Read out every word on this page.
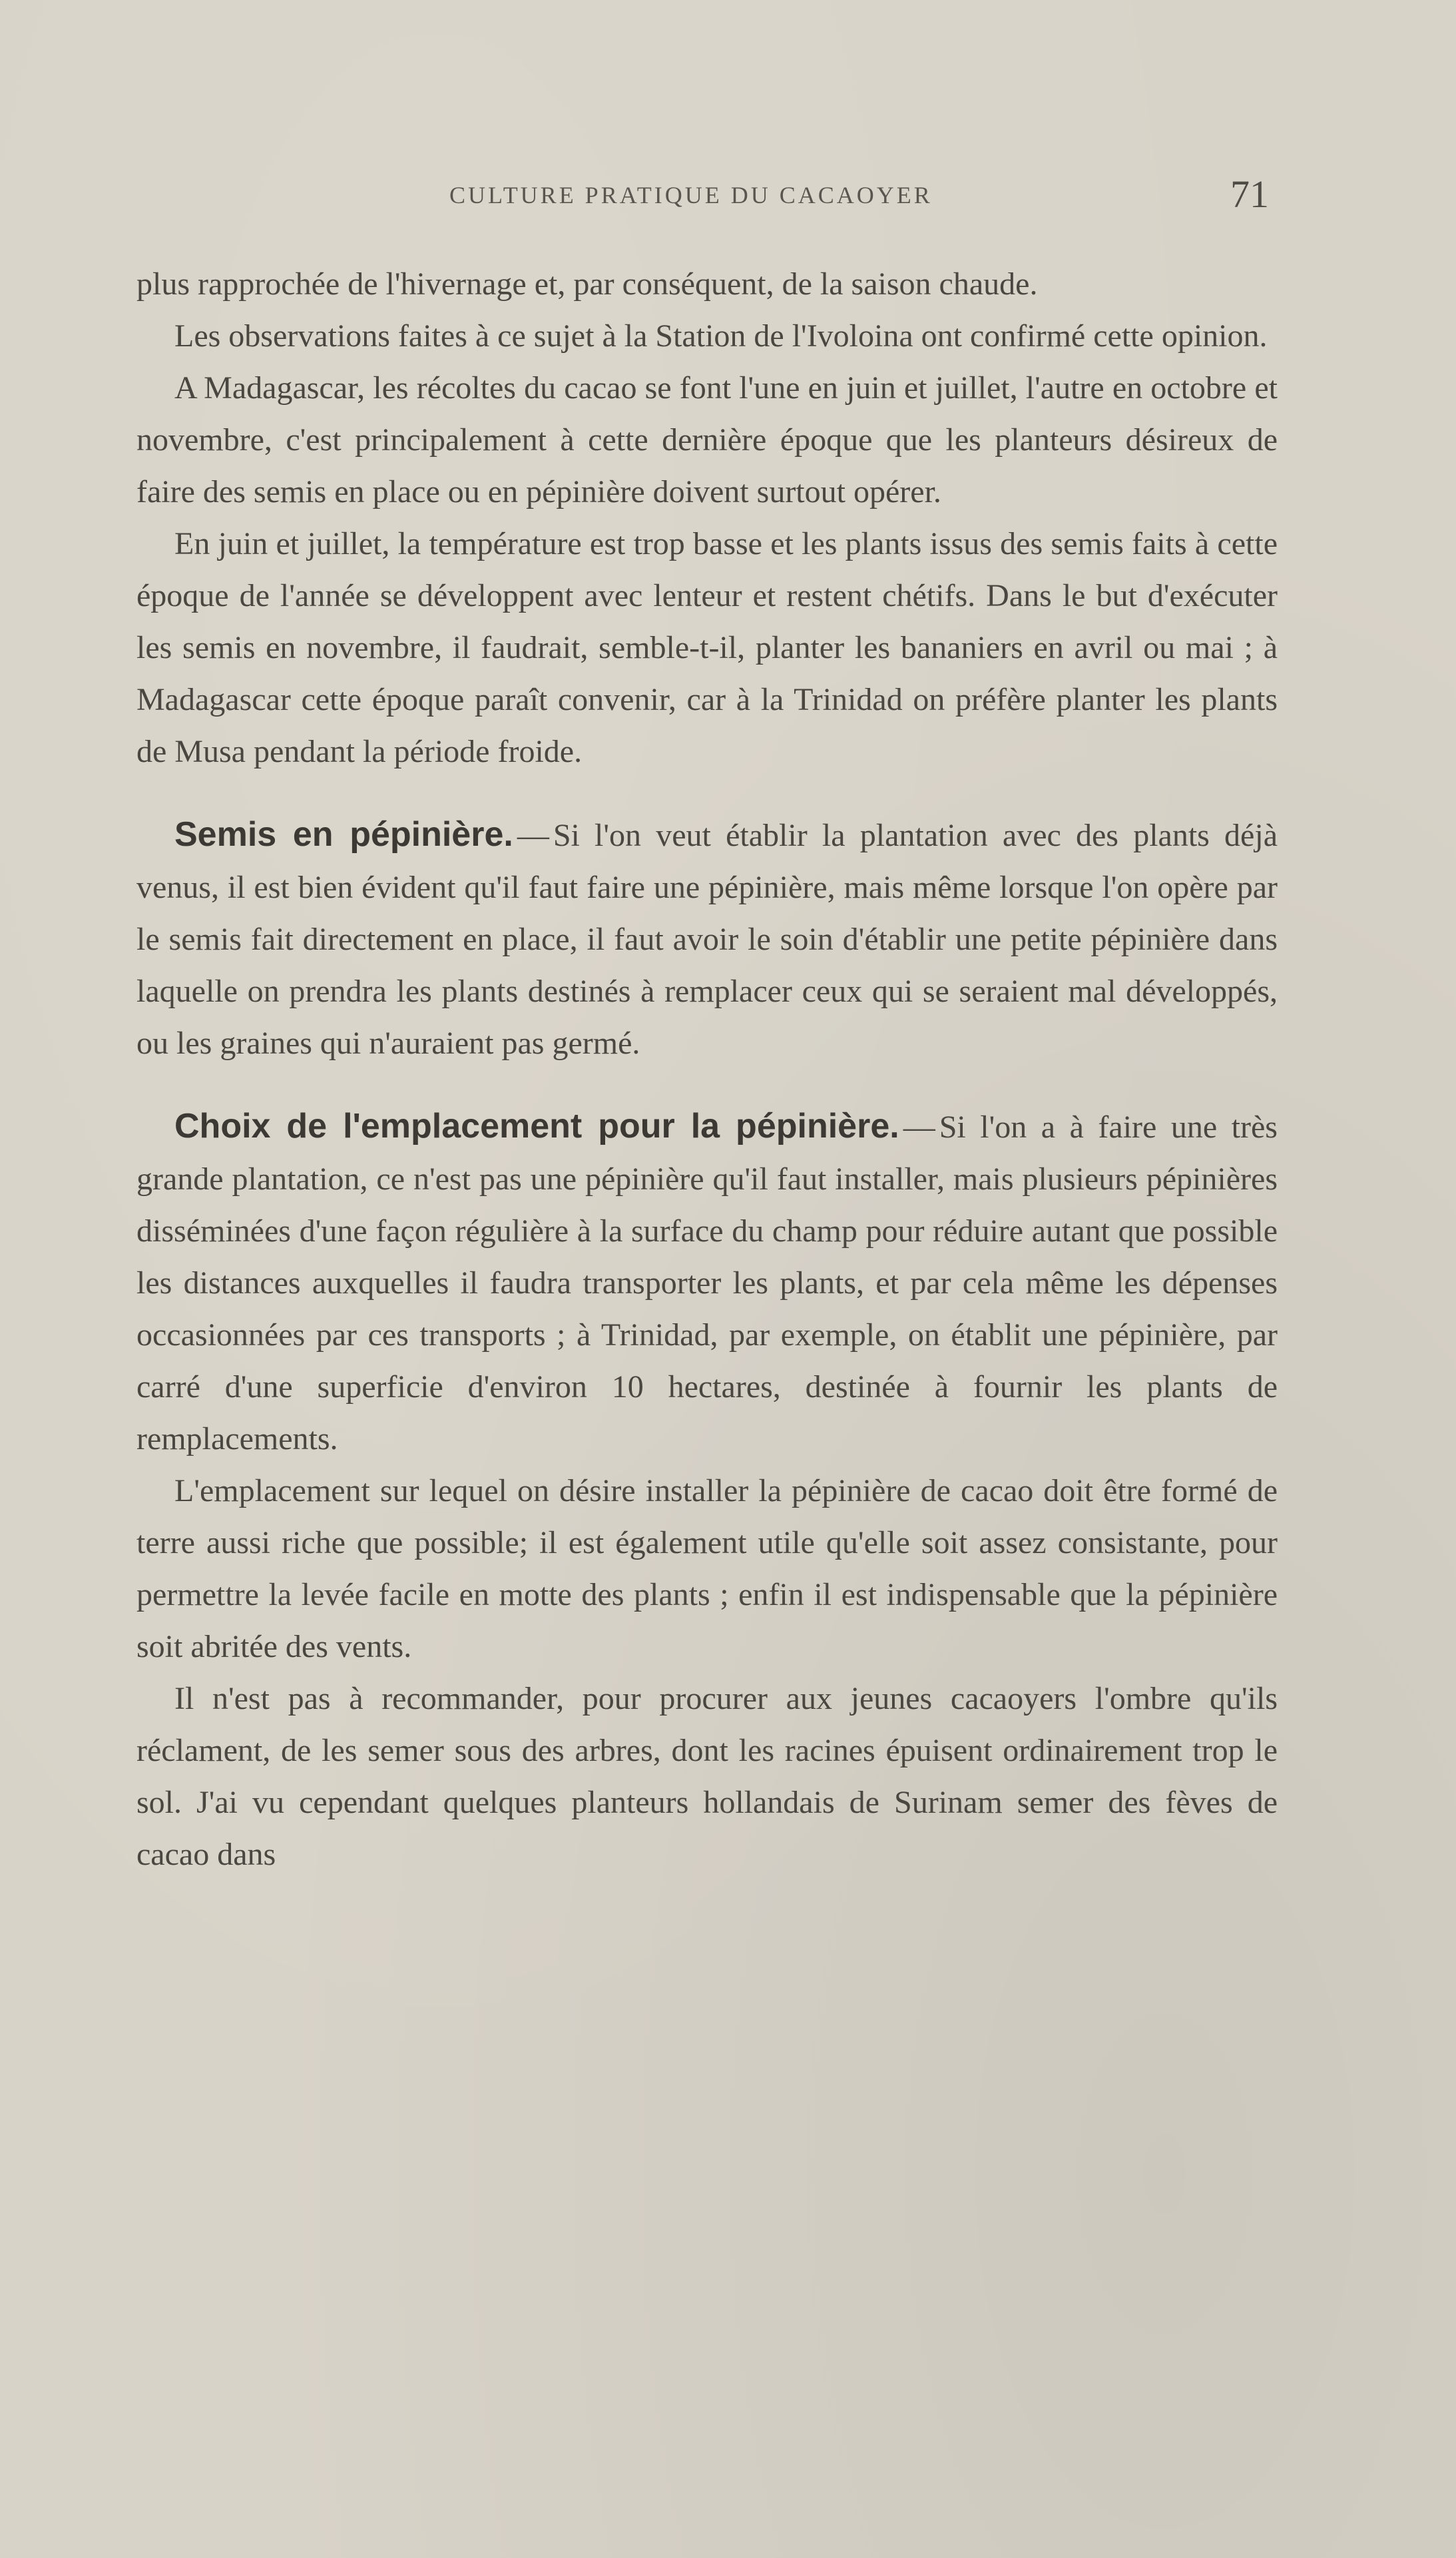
CULTURE PRATIQUE DU CACAOYER	71

plus rapprochée de l'hivernage et, par conséquent, de la saison chaude.

Les observations faites à ce sujet à la Station de l'Ivoloina ont confirmé cette opinion.

A Madagascar, les récoltes du cacao se font l'une en juin et juillet, l'autre en octobre et novembre, c'est principalement à cette dernière époque que les planteurs désireux de faire des semis en place ou en pépinière doivent surtout opérer.

En juin et juillet, la température est trop basse et les plants issus des semis faits à cette époque de l'année se développent avec lenteur et restent chétifs. Dans le but d'exécuter les semis en novembre, il faudrait, semble-t-il, planter les bananiers en avril ou mai ; à Madagascar cette époque paraît convenir, car à la Trinidad on préfère planter les plants de Musa pendant la période froide.

Semis en pépinière. — Si l'on veut établir la plantation avec des plants déjà venus, il est bien évident qu'il faut faire une pépinière, mais même lorsque l'on opère par le semis fait directement en place, il faut avoir le soin d'établir une petite pépinière dans laquelle on prendra les plants destinés à remplacer ceux qui se seraient mal développés, ou les graines qui n'auraient pas germé.

Choix de l'emplacement pour la pépinière. — Si l'on a à faire une très grande plantation, ce n'est pas une pépinière qu'il faut installer, mais plusieurs pépinières disséminées d'une façon régulière à la surface du champ pour réduire autant que possible les distances auxquelles il faudra transporter les plants, et par cela même les dépenses occasionnées par ces transports ; à Trinidad, par exemple, on établit une pépinière, par carré d'une superficie d'environ 10 hectares, destinée à fournir les plants de remplacements.

L'emplacement sur lequel on désire installer la pépinière de cacao doit être formé de terre aussi riche que possible; il est également utile qu'elle soit assez consistante, pour permettre la levée facile en motte des plants ; enfin il est indispensable que la pépinière soit abritée des vents.

Il n'est pas à recommander, pour procurer aux jeunes cacaoyers l'ombre qu'ils réclament, de les semer sous des arbres, dont les racines épuisent ordinairement trop le sol. J'ai vu cependant quelques planteurs hollandais de Surinam semer des fèves de cacao dans
